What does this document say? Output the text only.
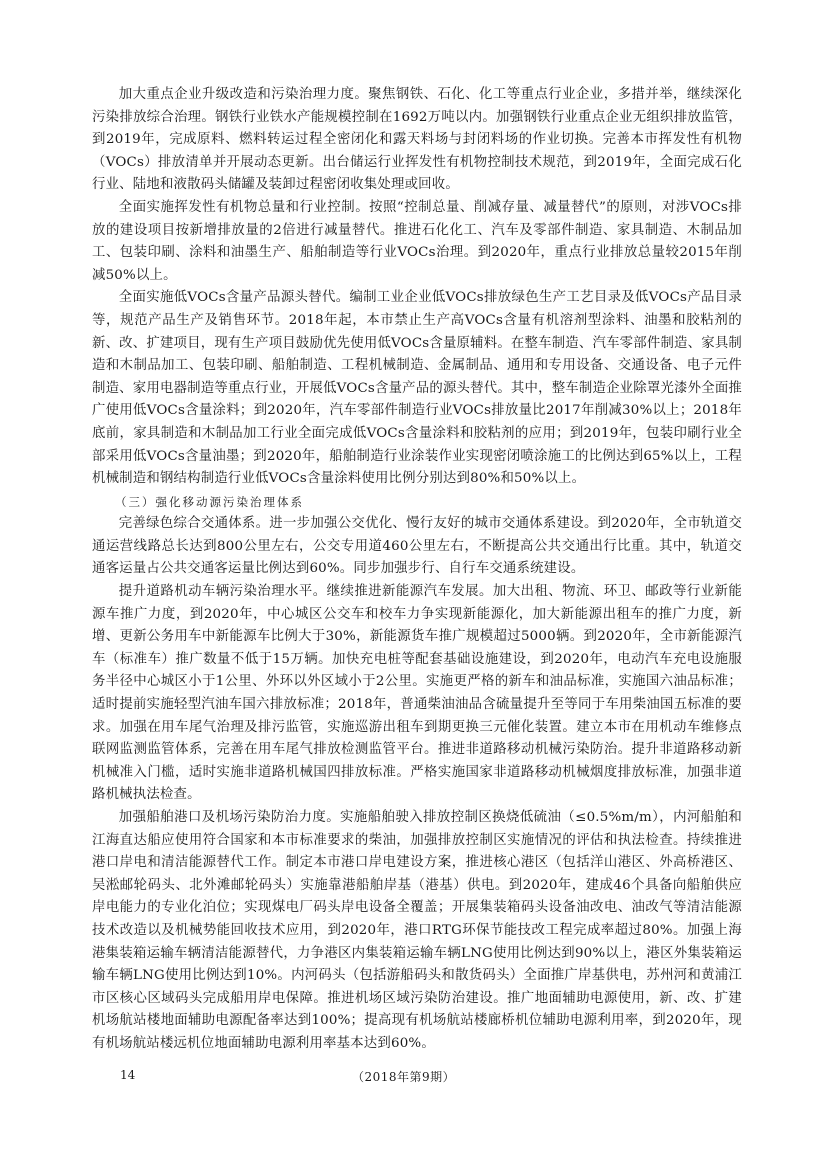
加大重点企业升级改造和污染治理力度。聚焦钢铁、石化、化工等重点行业企业，多措并举，继续深化污染排放综合治理。钢铁行业铁水产能规模控制在1692万吨以内。加强钢铁行业重点企业无组织排放监管，到2019年，完成原料、燃料转运过程全密闭化和露天料场与封闭料场的作业切换。完善本市挥发性有机物（VOCs）排放清单并开展动态更新。出台储运行业挥发性有机物控制技术规范，到2019年，全面完成石化行业、陆地和液散码头储罐及装卸过程密闭收集处理或回收。

全面实施挥发性有机物总量和行业控制。按照“控制总量、削减存量、减量替代”的原则，对涉VOCs排放的建设项目按新增排放量的2倍进行减量替代。推进石化化工、汽车及零部件制造、家具制造、木制品加工、包装印刷、涂料和油墨生产、船舶制造等行业VOCs治理。到2020年，重点行业排放总量较2015年削减50%以上。

全面实施低VOCs含量产品源头替代。编制工业企业低VOCs排放绿色生产工艺目录及低VOCs产品目录等，规范产品生产及销售环节。2018年起，本市禁止生产高VOCs含量有机溶剂型涂料、油墨和胶粘剂的新、改、扩建项目，现有生产项目鼓励优先使用低VOCs含量原辅料。在整车制造、汽车零部件制造、家具制造和木制品加工、包装印刷、船舶制造、工程机械制造、金属制品、通用和专用设备、交通设备、电子元件制造、家用电器制造等重点行业，开展低VOCs含量产品的源头替代。其中，整车制造企业除罩光漆外全面推广使用低VOCs含量涂料；到2020年，汽车零部件制造行业VOCs排放量比2017年削减30%以上；2018年底前，家具制造和木制品加工行业全面完成低VOCs含量涂料和胶粘剂的应用；到2019年，包装印刷行业全部采用低VOCs含量油墨；到2020年，船舶制造行业涂装作业实现密闭喷涂施工的比例达到65%以上，工程机械制造和钢结构制造行业低VOCs含量涂料使用比例分别达到80%和50%以上。

（三）强化移动源污染治理体系

完善绿色综合交通体系。进一步加强公交优化、慢行友好的城市交通体系建设。到2020年，全市轨道交通运营线路总长达到800公里左右，公交专用道460公里左右，不断提高公共交通出行比重。其中，轨道交通客运量占公共交通客运量比例达到60%。同步加强步行、自行车交通系统建设。

提升道路机动车辆污染治理水平。继续推进新能源汽车发展。加大出租、物流、环卫、邮政等行业新能源车推广力度，到2020年，中心城区公交车和校车力争实现新能源化，加大新能源出租车的推广力度，新增、更新公务用车中新能源车比例大于30%，新能源货车推广规模超过5000辆。到2020年，全市新能源汽车（标准车）推广数量不低于15万辆。加快充电桩等配套基础设施建设，到2020年，电动汽车充电设施服务半径中心城区小于1公里、外环以外区域小于2公里。实施更严格的新车和油品标准，实施国六油品标准；适时提前实施轻型汽油车国六排放标准；2018年，普通柴油油品含硫量提升至等同于车用柴油国五标准的要求。加强在用车尾气治理及排污监管，实施巡游出租车到期更换三元催化装置。建立本市在用机动车维修点联网监测监管体系，完善在用车尾气排放检测监管平台。推进非道路移动机械污染防治。提升非道路移动新机械准入门槛，适时实施非道路机械国四排放标准。严格实施国家非道路移动机械烟度排放标准，加强非道路机械执法检查。

加强船舶港口及机场污染防治力度。实施船舶驶入排放控制区换烧低硫油（≤0.5%m/m），内河船舶和江海直达船应使用符合国家和本市标准要求的柴油，加强排放控制区实施情况的评估和执法检查。持续推进港口岸电和清洁能源替代工作。制定本市港口岸电建设方案，推进核心港区（包括洋山港区、外高桥港区、吴淞邮轮码头、北外滩邮轮码头）实施靠港船舶岸基（港基）供电。到2020年，建成46个具备向船舶供应岸电能力的专业化泊位；实现煤电厂码头岸电设备全覆盖；开展集装箱码头设备油改电、油改气等清洁能源技术改造以及机械势能回收技术应用，到2020年，港口RTG环保节能技改工程完成率超过80%。加强上海港集装箱运输车辆清洁能源替代，力争港区内集装箱运输车辆LNG使用比例达到90%以上，港区外集装箱运输车辆LNG使用比例达到10%。内河码头（包括游船码头和散货码头）全面推广岸基供电，苏州河和黄浦江市区核心区域码头完成船用岸电保障。推进机场区域污染防治建设。推广地面辅助电源使用，新、改、扩建机场航站楼地面辅助电源配备率达到100%；提高现有机场航站楼廊桥机位辅助电源利用率，到2020年，现有机场航站楼远机位地面辅助电源利用率基本达到60%。

14	（2018年第9期）
